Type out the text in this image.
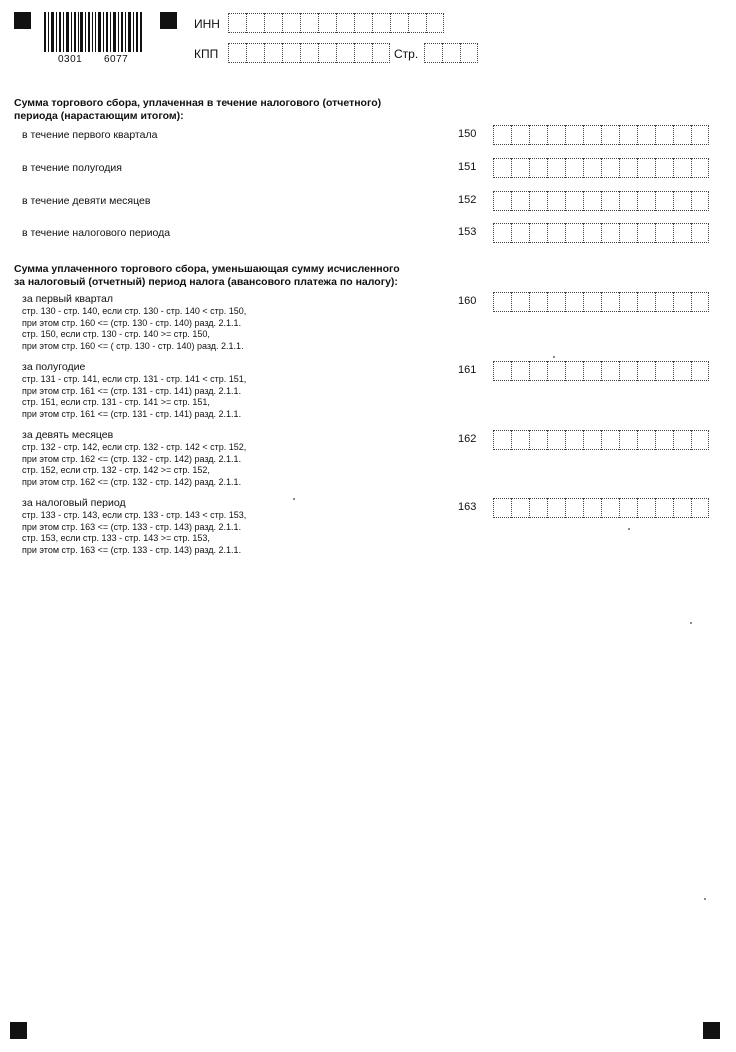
0301 6077
ИНН
КПП	Стр.
Сумма торгового сбора, уплаченная в течение налогового (отчетного)
периода (нарастающим итогом):
в течение первого квартала	150
в течение полугодия	151
в течение девяти месяцев	152
в течение налогового периода	153
Сумма уплаченного торгового сбора, уменьшающая сумму исчисленного
за налоговый (отчетный) период налога (авансового платежа по налогу):
за первый квартал
стр. 130 - стр. 140, если стр. 130 - стр. 140 < стр. 150,
при этом стр. 160 <= (стр. 130 - стр. 140) разд. 2.1.1.
стр. 150, если стр. 130 - стр. 140 >= стр. 150,
при этом стр. 160 <= ( стр. 130 - стр. 140) разд. 2.1.1.
160
за полугодие
стр. 131 - стр. 141, если стр. 131 - стр. 141 < стр. 151,
при этом стр. 161 <= (стр. 131 - стр. 141) разд. 2.1.1.
стр. 151, если стр. 131 - стр. 141 >= стр. 151,
при этом стр. 161 <= (стр. 131 - стр. 141) разд. 2.1.1.
161
за девять месяцев
стр. 132 - стр. 142, если стр. 132 - стр. 142 < стр. 152,
при этом стр. 162 <= (стр. 132 - стр. 142) разд. 2.1.1.
стр. 152, если стр. 132 - стр. 142 >= стр. 152,
при этом стр. 162 <= (стр. 132 - стр. 142) разд. 2.1.1.
162
за налоговый период
стр. 133 - стр. 143, если стр. 133 - стр. 143 < стр. 153,
при этом стр. 163 <= (стр. 133 - стр. 143) разд. 2.1.1.
стр. 153, если стр. 133 - стр. 143 >= стр. 153,
при этом стр. 163 <= (стр. 133 - стр. 143) разд. 2.1.1.
163
